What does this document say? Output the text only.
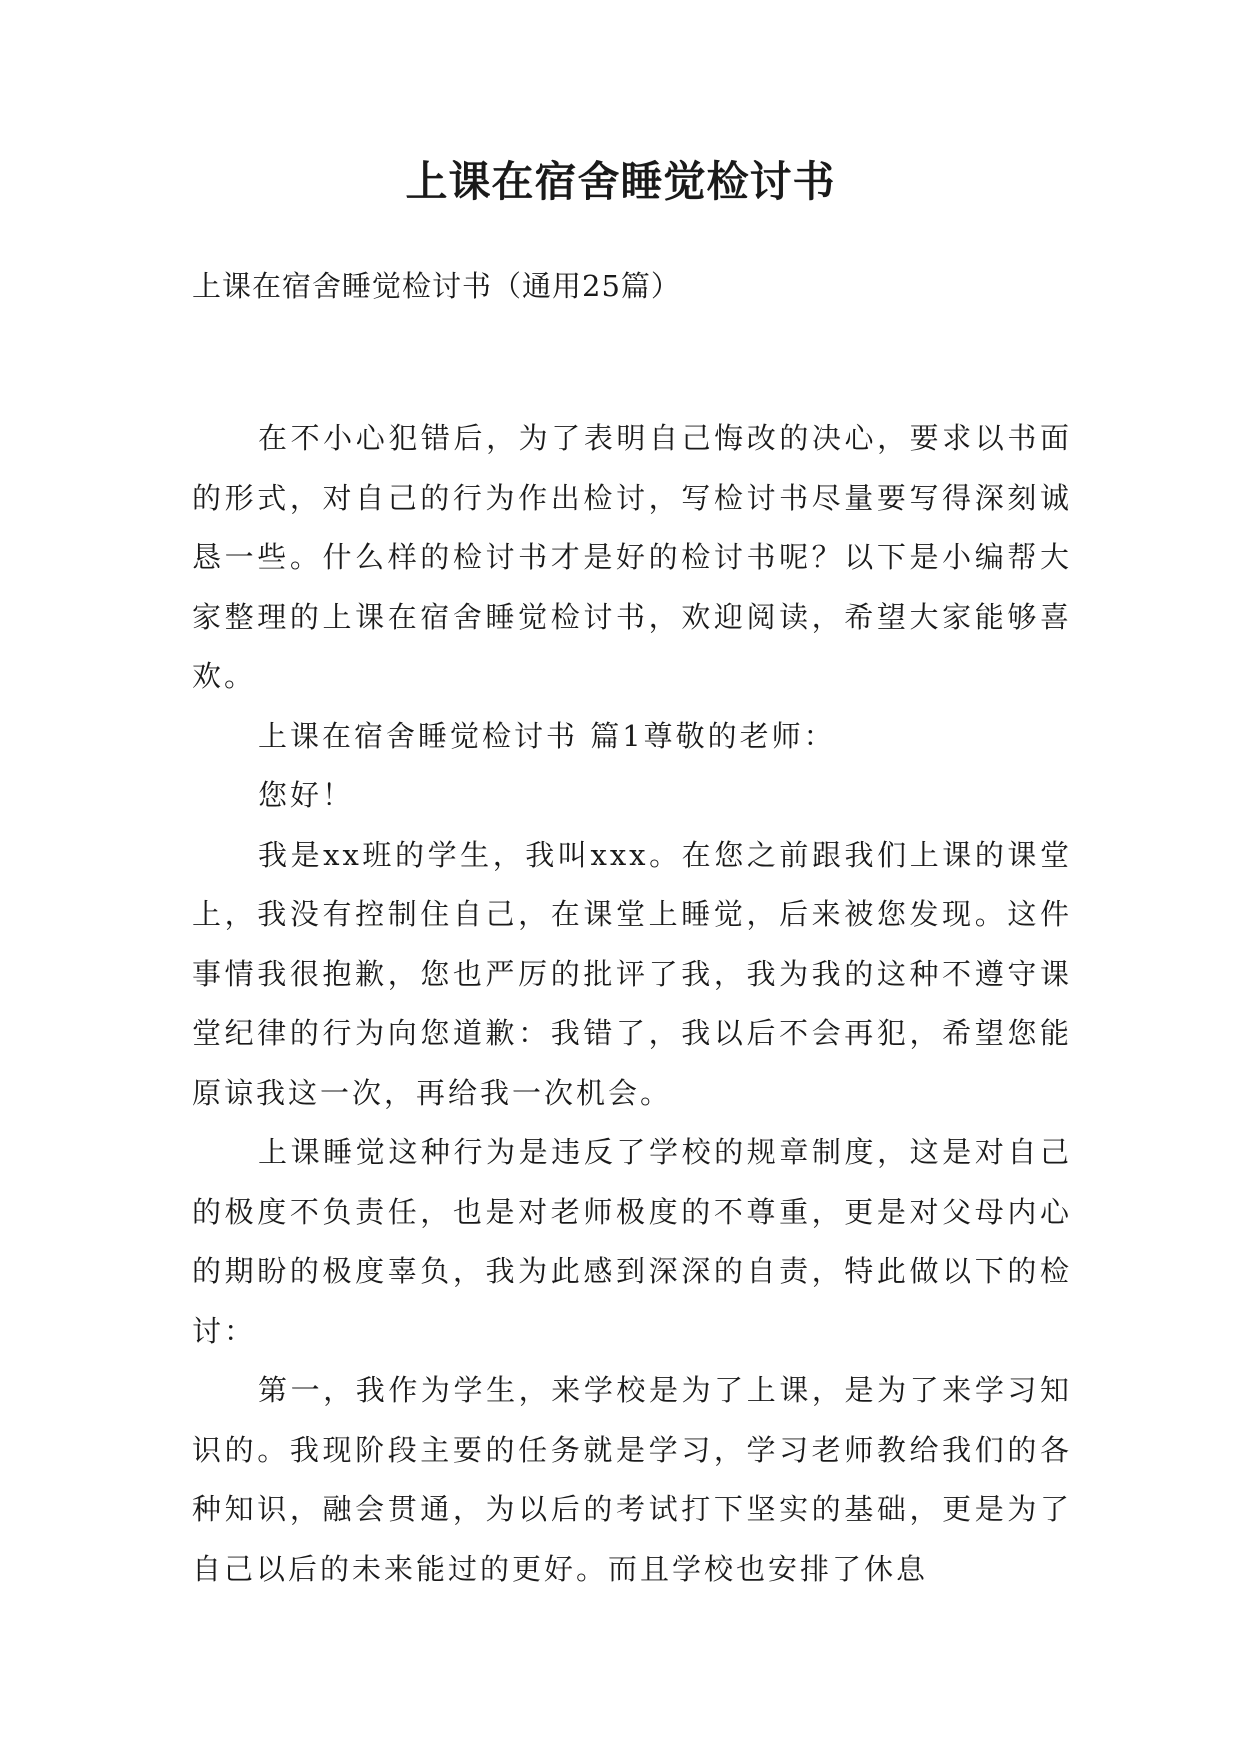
上课在宿舍睡觉检讨书

上课在宿舍睡觉检讨书（通用25篇）

在不小心犯错后，为了表明自己悔改的决心，要求以书面的形式，对自己的行为作出检讨，写检讨书尽量要写得深刻诚恳一些。什么样的检讨书才是好的检讨书呢？以下是小编帮大家整理的上课在宿舍睡觉检讨书，欢迎阅读，希望大家能够喜欢。

上课在宿舍睡觉检讨书 篇1尊敬的老师：

您好！

我是xx班的学生，我叫xxx。在您之前跟我们上课的课堂上，我没有控制住自己，在课堂上睡觉，后来被您发现。这件事情我很抱歉，您也严厉的批评了我，我为我的这种不遵守课堂纪律的行为向您道歉：我错了，我以后不会再犯，希望您能原谅我这一次，再给我一次机会。

上课睡觉这种行为是违反了学校的规章制度，这是对自己的极度不负责任，也是对老师极度的不尊重，更是对父母内心的期盼的极度辜负，我为此感到深深的自责，特此做以下的检讨：

第一，我作为学生，来学校是为了上课，是为了来学习知识的。我现阶段主要的任务就是学习，学习老师教给我们的各种知识，融会贯通，为以后的考试打下坚实的基础，更是为了自己以后的未来能过的更好。而且学校也安排了休息
